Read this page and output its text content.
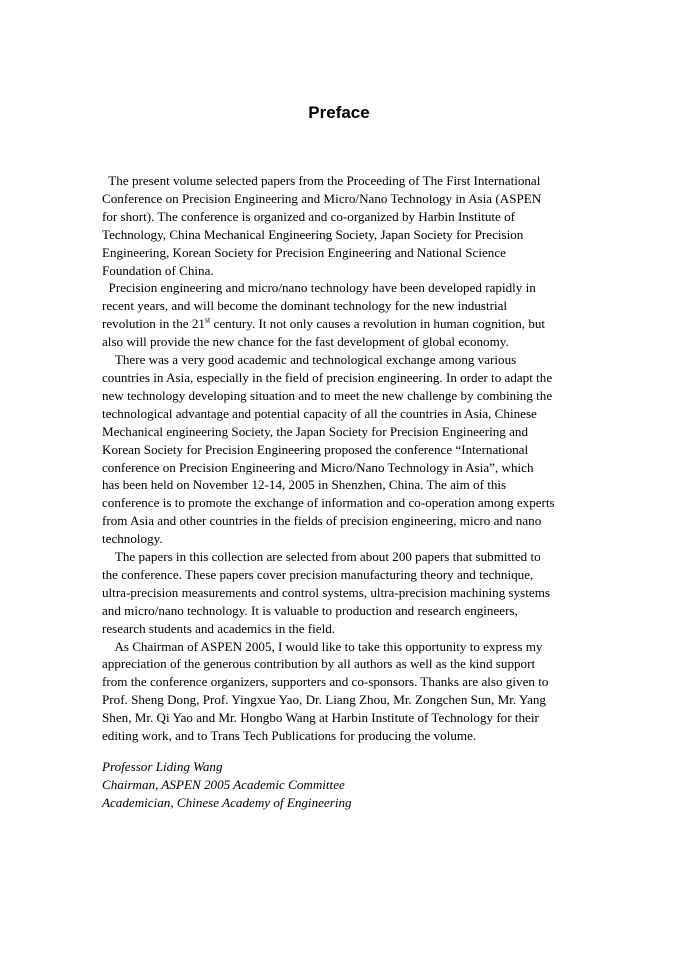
Preface

The present volume selected papers from the Proceeding of The First International
Conference on Precision Engineering and Micro/Nano Technology in Asia (ASPEN
for short). The conference is organized and co-organized by Harbin Institute of
Technology, China Mechanical Engineering Society, Japan Society for Precision
Engineering, Korean Society for Precision Engineering and National Science
Foundation of China.

Precision engineering and micro/nano technology have been developed rapidly in
recent years, and will become the dominant technology for the new industrial
revolution in the 21st century. It not only causes a revolution in human cognition, but
also will provide the new chance for the fast development of global economy.

There was a very good academic and technological exchange among various
countries in Asia, especially in the field of precision engineering. In order to adapt the
new technology developing situation and to meet the new challenge by combining the
technological advantage and potential capacity of all the countries in Asia, Chinese
Mechanical engineering Society, the Japan Society for Precision Engineering and
Korean Society for Precision Engineering proposed the conference “International
conference on Precision Engineering and Micro/Nano Technology in Asia”, which
has been held on November 12-14, 2005 in Shenzhen, China. The aim of this
conference is to promote the exchange of information and co-operation among experts
from Asia and other countries in the fields of precision engineering, micro and nano
technology.

The papers in this collection are selected from about 200 papers that submitted to
the conference. These papers cover precision manufacturing theory and technique,
ultra-precision measurements and control systems, ultra-precision machining systems
and micro/nano technology. It is valuable to production and research engineers,
research students and academics in the field.

As Chairman of ASPEN 2005, I would like to take this opportunity to express my
appreciation of the generous contribution by all authors as well as the kind support
from the conference organizers, supporters and co-sponsors. Thanks are also given to
Prof. Sheng Dong, Prof. Yingxue Yao, Dr. Liang Zhou, Mr. Zongchen Sun, Mr. Yang
Shen, Mr. Qi Yao and Mr. Hongbo Wang at Harbin Institute of Technology for their
editing work, and to Trans Tech Publications for producing the volume.

Professor Liding Wang
Chairman, ASPEN 2005 Academic Committee
Academician, Chinese Academy of Engineering
